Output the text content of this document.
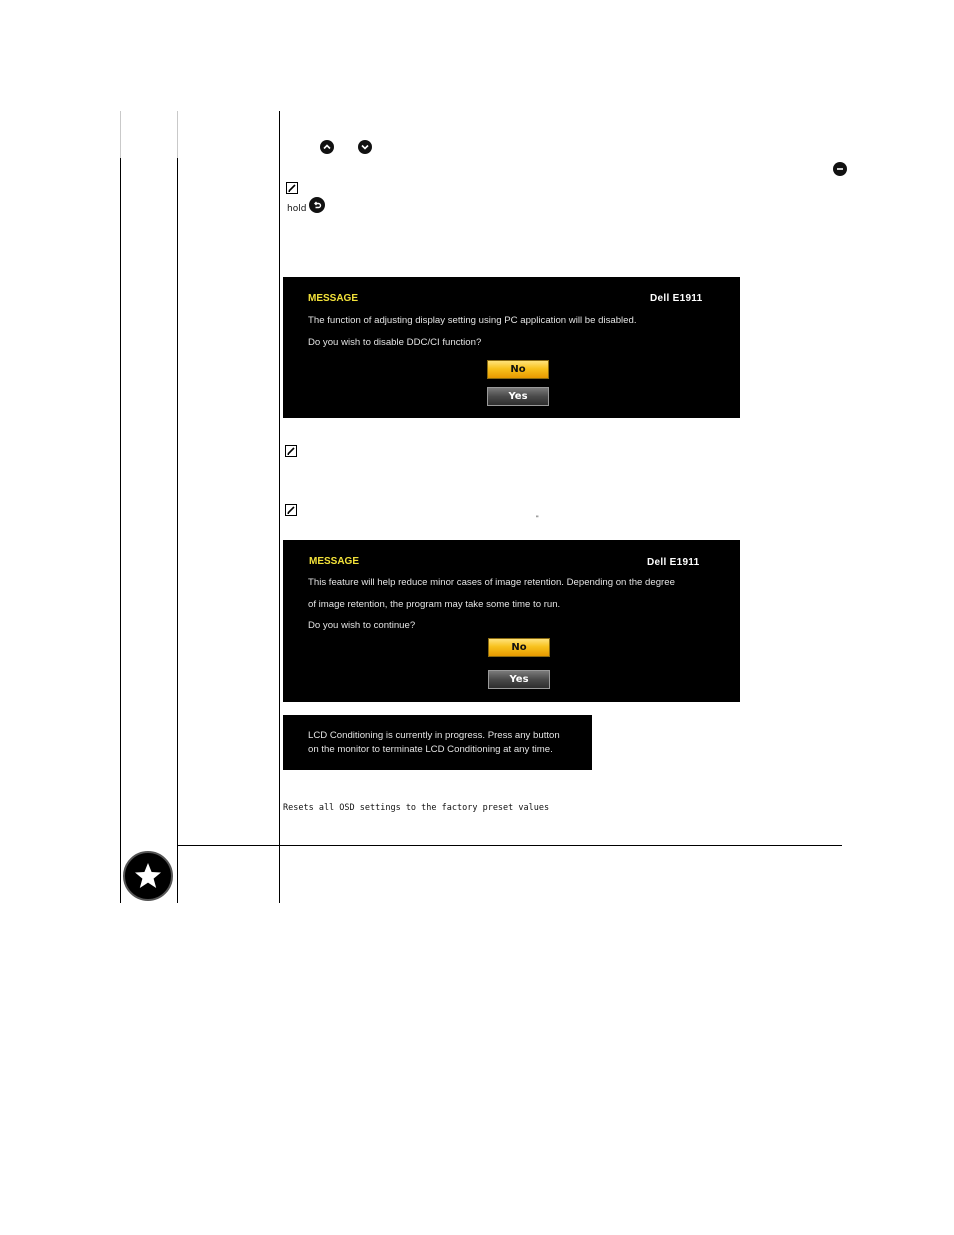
hold
MESSAGE	Dell E1911
The function of adjusting display setting using PC application will be disabled.
Do you wish to disable DDC/CI function?
No
Yes
"
MESSAGE	Dell E1911
This feature will help reduce minor cases of image retention. Depending on the degree
of image retention, the program may take some time to run.
Do you wish to continue?
No
Yes
LCD Conditioning is currently in progress. Press any button
on the monitor to terminate LCD Conditioning at any time.
Resets all OSD settings to the factory preset values
